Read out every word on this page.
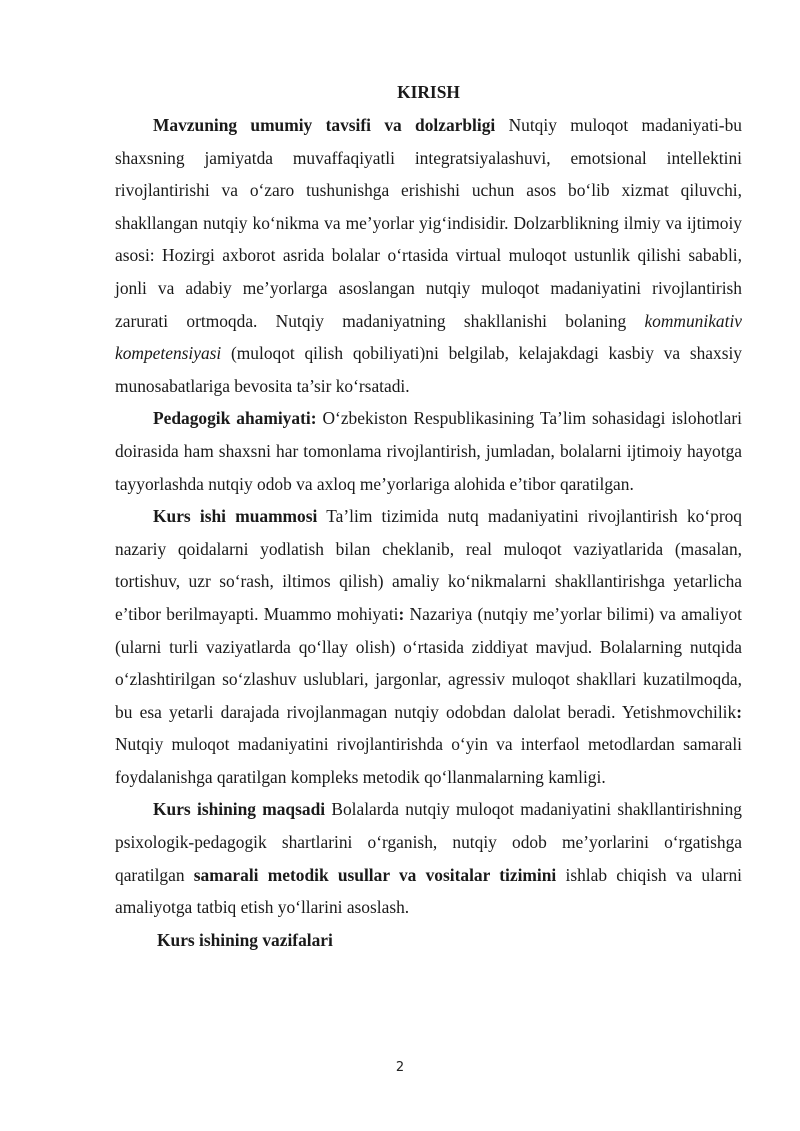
KIRISH

Mavzuning umumiy tavsifi va dolzarbligi Nutqiy muloqot madaniyati-bu shaxsning jamiyatda muvaffaqiyatli integratsiyalashuvi, emotsional intellektini rivojlantirishi va o‘zaro tushunishga erishishi uchun asos bo‘lib xizmat qiluvchi, shakllangan nutqiy ko‘nikma va me’yorlar yig‘indisidir. Dolzarblikning ilmiy va ijtimoiy asosi: Hozirgi axborot asrida bolalar o‘rtasida virtual muloqot ustunlik qilishi sababli, jonli va adabiy me’yorlarga asoslangan nutqiy muloqot madaniyatini rivojlantirish zarurati ortmoqda. Nutqiy madaniyatning shakllanishi bolaning kommunikativ kompetensiyasi (muloqot qilish qobiliyati)ni belgilab, kelajakdagi kasbiy va shaxsiy munosabatlariga bevosita ta’sir ko‘rsatadi.

Pedagogik ahamiyati: O‘zbekiston Respublikasining Ta’lim sohasidagi islohotlari doirasida ham shaxsni har tomonlama rivojlantirish, jumladan, bolalarni ijtimoiy hayotga tayyorlashda nutqiy odob va axloq me’yorlariga alohida e’tibor qaratilgan.

Kurs ishi muammosi Ta’lim tizimida nutq madaniyatini rivojlantirish ko‘proq nazariy qoidalarni yodlatish bilan cheklanib, real muloqot vaziyatlarida (masalan, tortishuv, uzr so‘rash, iltimos qilish) amaliy ko‘nikmalarni shakllantirishga yetarlicha e’tibor berilmayapti. Muammo mohiyati: Nazariya (nutqiy me’yorlar bilimi) va amaliyot (ularni turli vaziyatlarda qo‘llay olish) o‘rtasida ziddiyat mavjud. Bolalarning nutqida o‘zlashtirilgan so‘zlashuv uslublari, jargonlar, agressiv muloqot shakllari kuzatilmoqda, bu esa yetarli darajada rivojlanmagan nutqiy odobdan dalolat beradi. Yetishmovchilik: Nutqiy muloqot madaniyatini rivojlantirishda o‘yin va interfaol metodlardan samarali foydalanishga qaratilgan kompleks metodik qo‘llanmalarning kamligi.

Kurs ishining maqsadi Bolalarda nutqiy muloqot madaniyatini shakllantirishning psixologik-pedagogik shartlarini o‘rganish, nutqiy odob me’yorlarini o‘rgatishga qaratilgan samarali metodik usullar va vositalar tizimini ishlab chiqish va ularni amaliyotga tatbiq etish yo‘llarini asoslash.

Kurs ishining vazifalari

2
